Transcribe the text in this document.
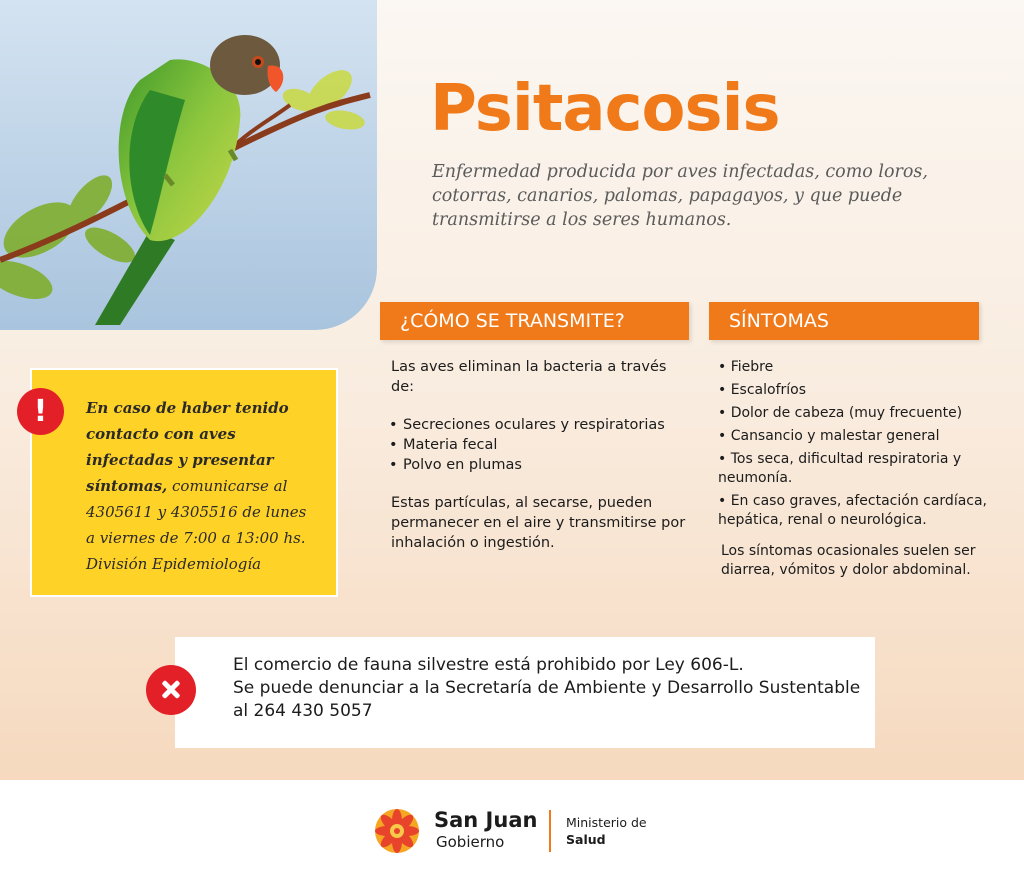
Psitacosis

Enfermedad producida por aves infectadas, como loros, cotorras, canarios, palomas, papagayos, y que puede transmitirse a los seres humanos.

¿CÓMO SE TRANSMITE?

Las aves eliminan la bacteria a través de:

• Secreciones oculares y respiratorias
• Materia fecal
• Polvo en plumas

Estas partículas, al secarse, pueden permanecer en el aire y transmitirse por inhalación o ingestión.

SÍNTOMAS
• Fiebre
• Escalofríos
• Dolor de cabeza (muy frecuente)
• Cansancio y malestar general
• Tos seca, dificultad respiratoria y neumonía.
• En caso graves, afectación cardíaca, hepática, renal o neurológica.

Los síntomas ocasionales suelen ser diarrea, vómitos y dolor abdominal.

En caso de haber tenido contacto con aves infectadas y presentar síntomas, comunicarse al 4305611 y 4305516 de lunes a viernes de 7:00 a 13:00 hs.
División Epidemiología
!

El comercio de fauna silvestre está prohibido por Ley 606-L.

Se puede denunciar a la Secretaría de Ambiente y Desarrollo Sustentable al 264 430 5057

San Juan
Gobierno
Ministerio de
Salud
